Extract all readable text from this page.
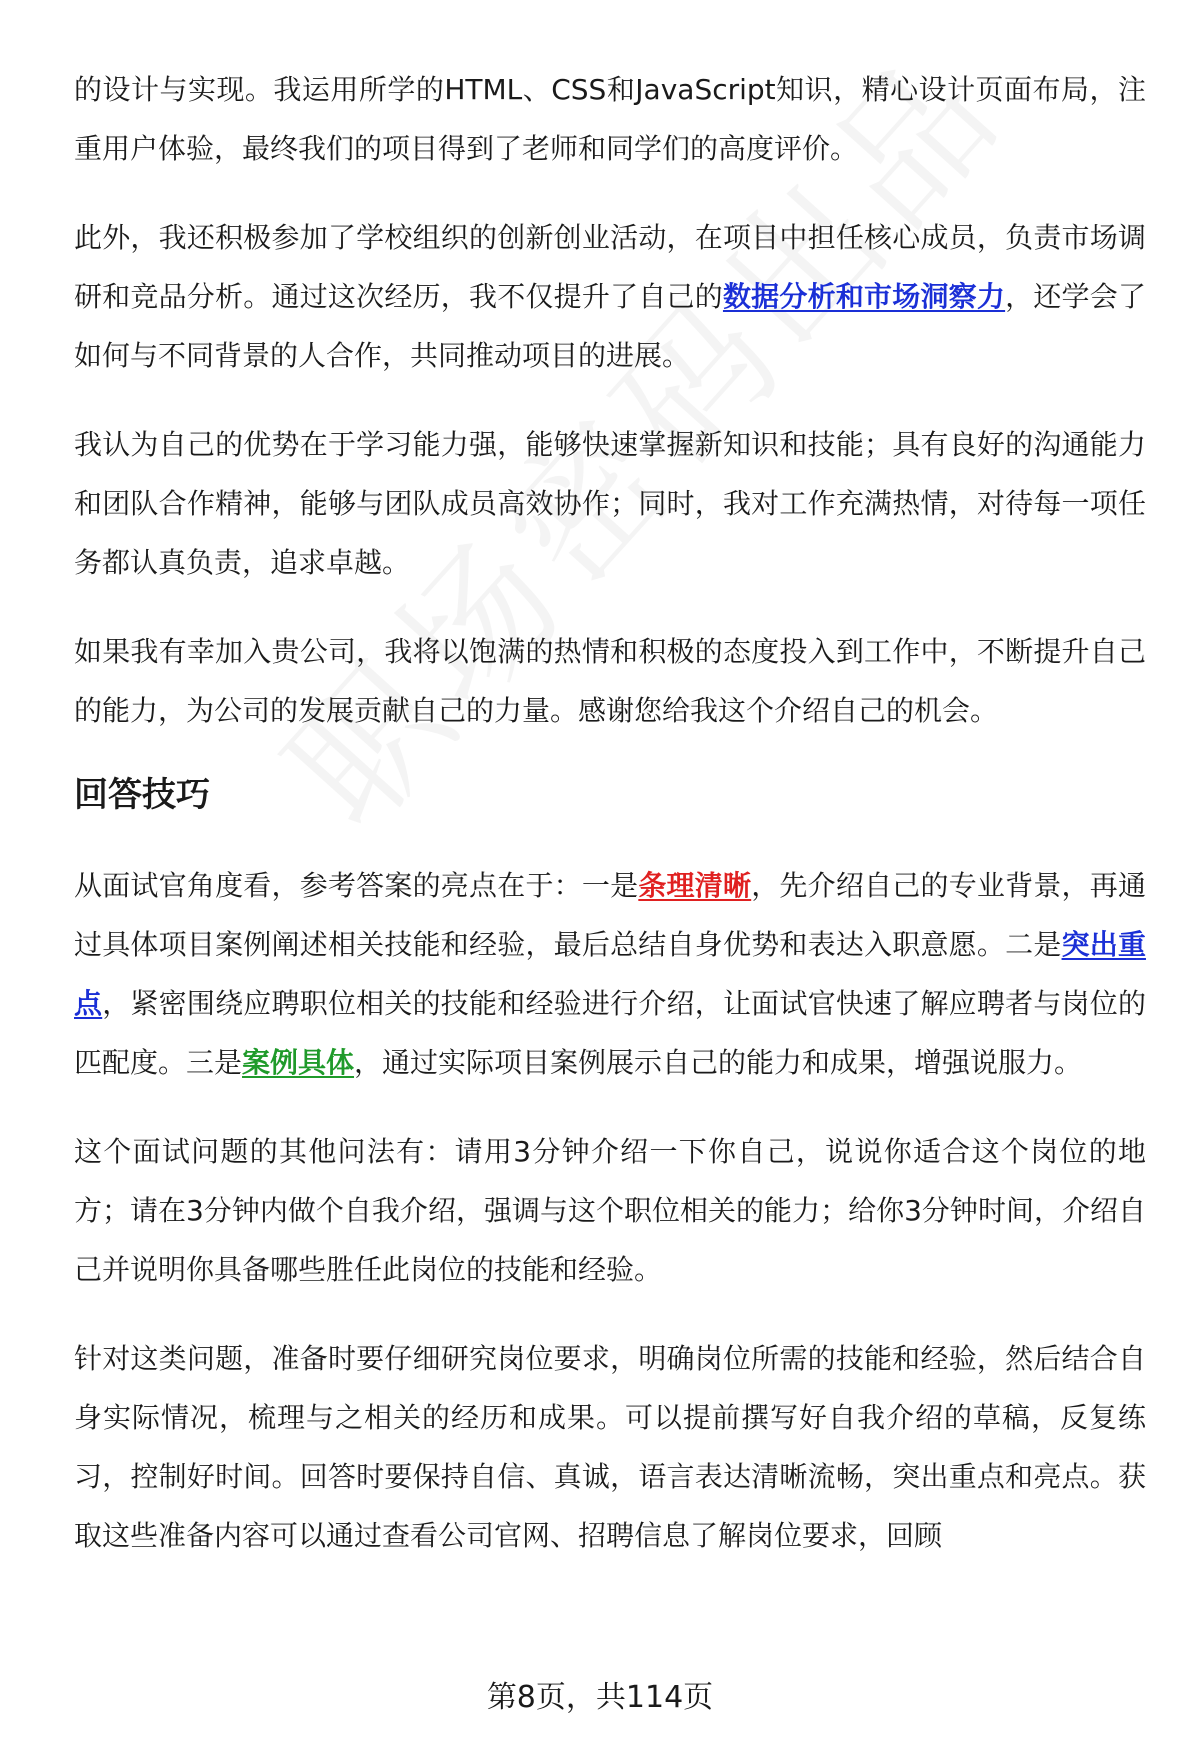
的设计与实现。我运用所学的HTML、CSS和JavaScript知识，精心设计页面布局，注重用户体验，最终我们的项目得到了老师和同学们的高度评价。

此外，我还积极参加了学校组织的创新创业活动，在项目中担任核心成员，负责市场调研和竞品分析。通过这次经历，我不仅提升了自己的数据分析和市场洞察力，还学会了如何与不同背景的人合作，共同推动项目的进展。

我认为自己的优势在于学习能力强，能够快速掌握新知识和技能；具有良好的沟通能力和团队合作精神，能够与团队成员高效协作；同时，我对工作充满热情，对待每一项任务都认真负责，追求卓越。

如果我有幸加入贵公司，我将以饱满的热情和积极的态度投入到工作中，不断提升自己的能力，为公司的发展贡献自己的力量。感谢您给我这个介绍自己的机会。

回答技巧

从面试官角度看，参考答案的亮点在于：一是条理清晰，先介绍自己的专业背景，再通过具体项目案例阐述相关技能和经验，最后总结自身优势和表达入职意愿。二是突出重点，紧密围绕应聘职位相关的技能和经验进行介绍，让面试官快速了解应聘者与岗位的匹配度。三是案例具体，通过实际项目案例展示自己的能力和成果，增强说服力。

这个面试问题的其他问法有：请用3分钟介绍一下你自己，说说你适合这个岗位的地方；请在3分钟内做个自我介绍，强调与这个职位相关的能力；给你3分钟时间，介绍自己并说明你具备哪些胜任此岗位的技能和经验。

针对这类问题，准备时要仔细研究岗位要求，明确岗位所需的技能和经验，然后结合自身实际情况，梳理与之相关的经历和成果。可以提前撰写好自我介绍的草稿，反复练习，控制好时间。回答时要保持自信、真诚，语言表达清晰流畅，突出重点和亮点。获取这些准备内容可以通过查看公司官网、招聘信息了解岗位要求，回顾

第8页，共114页
